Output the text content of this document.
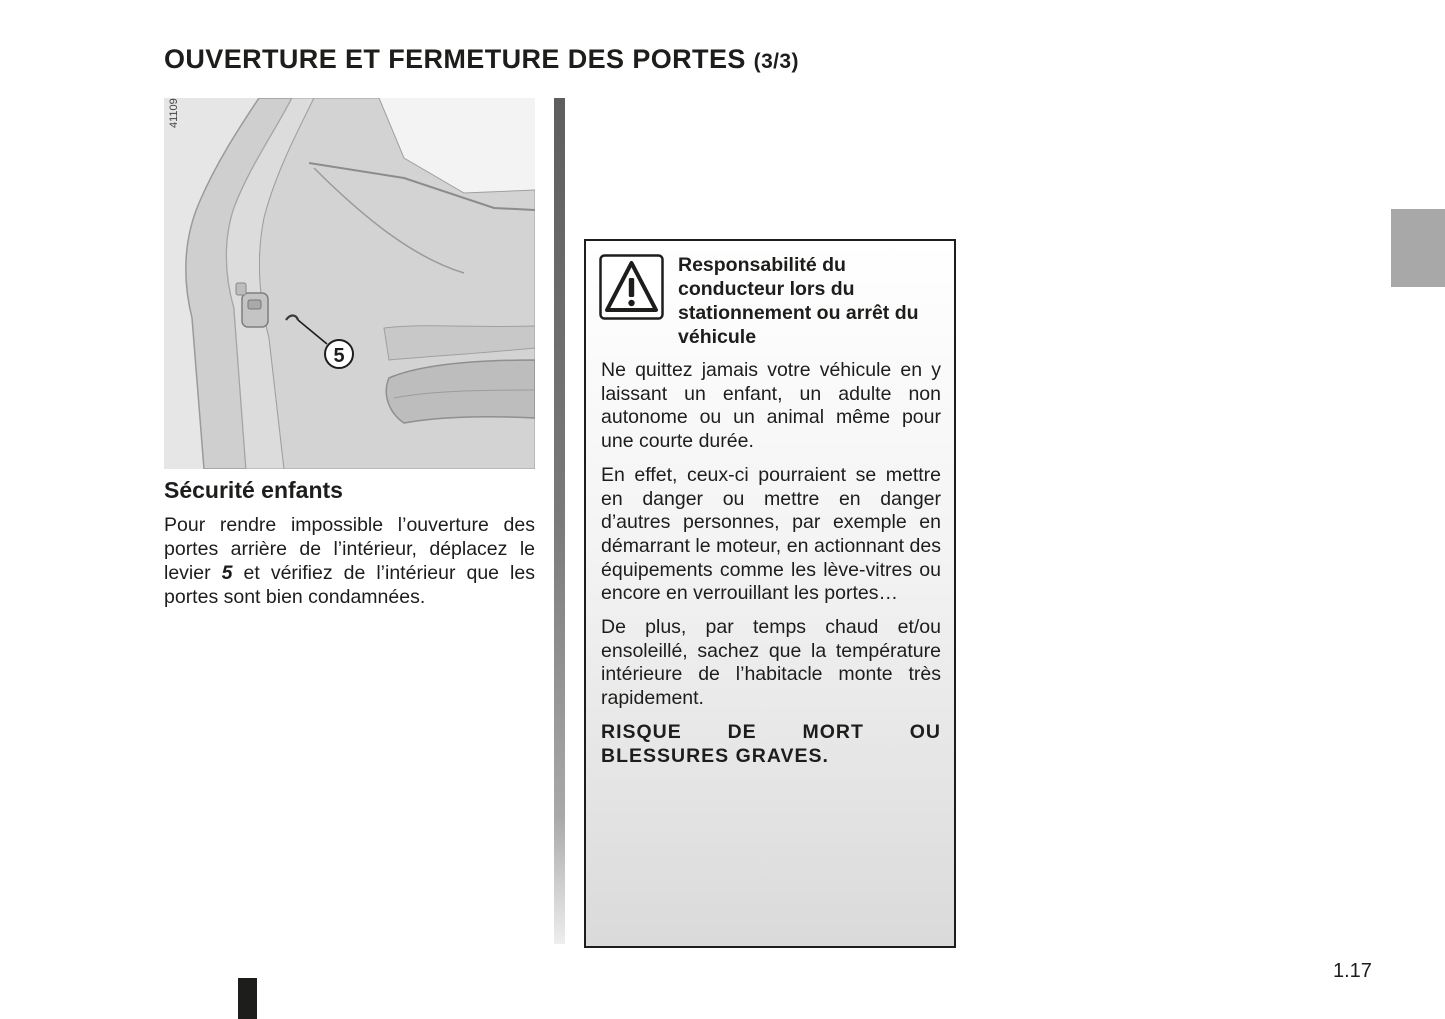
OUVERTURE ET FERMETURE DES PORTES (3/3)
5
41109
Sécurité enfants
Pour rendre impossible l’ouverture des portes arrière de l’intérieur, déplacez le levier 5 et vérifiez de l’intérieur que les portes sont bien condamnées.
Responsabilité du conducteur lors du stationnement ou arrêt du véhicule

Ne quittez jamais votre véhicule en y laissant un enfant, un adulte non autonome ou un animal même pour une courte durée.

En effet, ceux-ci pourraient se mettre en danger ou mettre en danger d’autres personnes, par exemple en démarrant le moteur, en actionnant des équipements comme les lève-vitres ou encore en verrouillant les portes…

De plus, par temps chaud et/ou ensoleillé, sachez que la température intérieure de l’habitacle monte très rapidement.

RISQUE DE MORT OU BLESSURES GRAVES.

1.17
